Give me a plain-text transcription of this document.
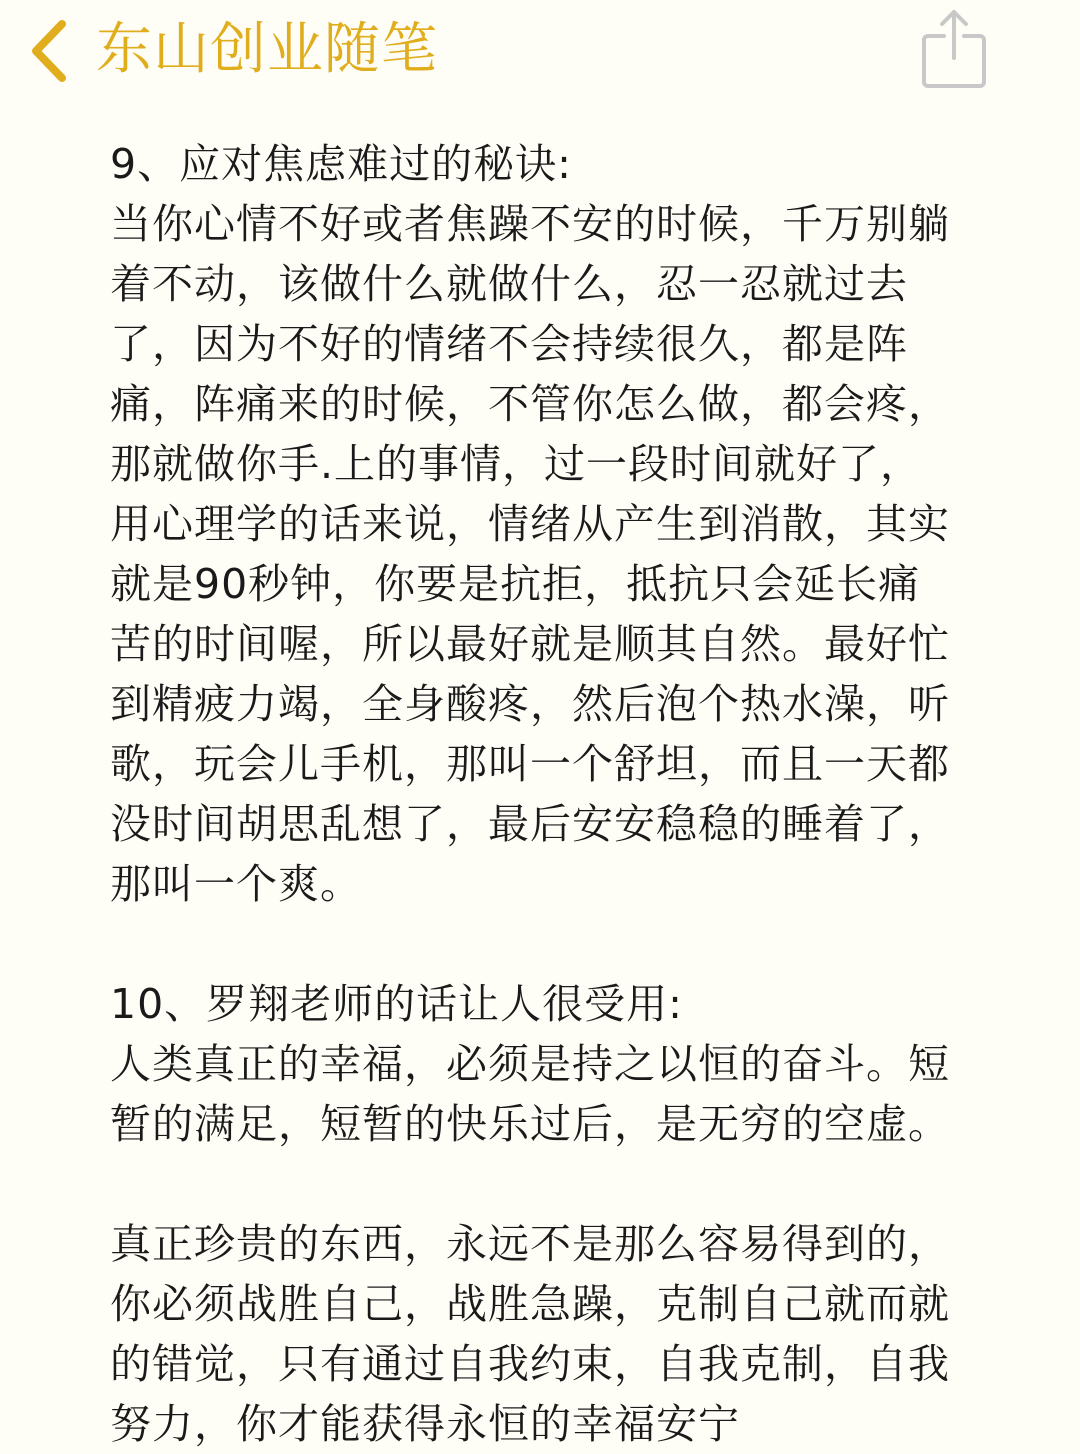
东山创业随笔
9、应对焦虑难过的秘诀:
当你心情不好或者焦躁不安的时候，千万别躺
着不动，该做什么就做什么，忍一忍就过去
了，因为不好的情绪不会持续很久，都是阵
痛，阵痛来的时候，不管你怎么做，都会疼，
那就做你手.上的事情，过一段时间就好了，
用心理学的话来说，情绪从产生到消散，其实
就是90秒钟，你要是抗拒，抵抗只会延长痛
苦的时间喔，所以最好就是顺其自然。最好忙
到精疲力竭，全身酸疼，然后泡个热水澡，听
歌，玩会儿手机，那叫一个舒坦，而且一天都
没时间胡思乱想了，最后安安稳稳的睡着了，
那叫一个爽。
10、罗翔老师的话让人很受用:
人类真正的幸福，必须是持之以恒的奋斗。短
暂的满足，短暂的快乐过后，是无穷的空虚。
真正珍贵的东西，永远不是那么容易得到的，
你必须战胜自己，战胜急躁，克制自己就而就
的错觉，只有通过自我约束，自我克制，自我
努力，你才能获得永恒的幸福安宁
